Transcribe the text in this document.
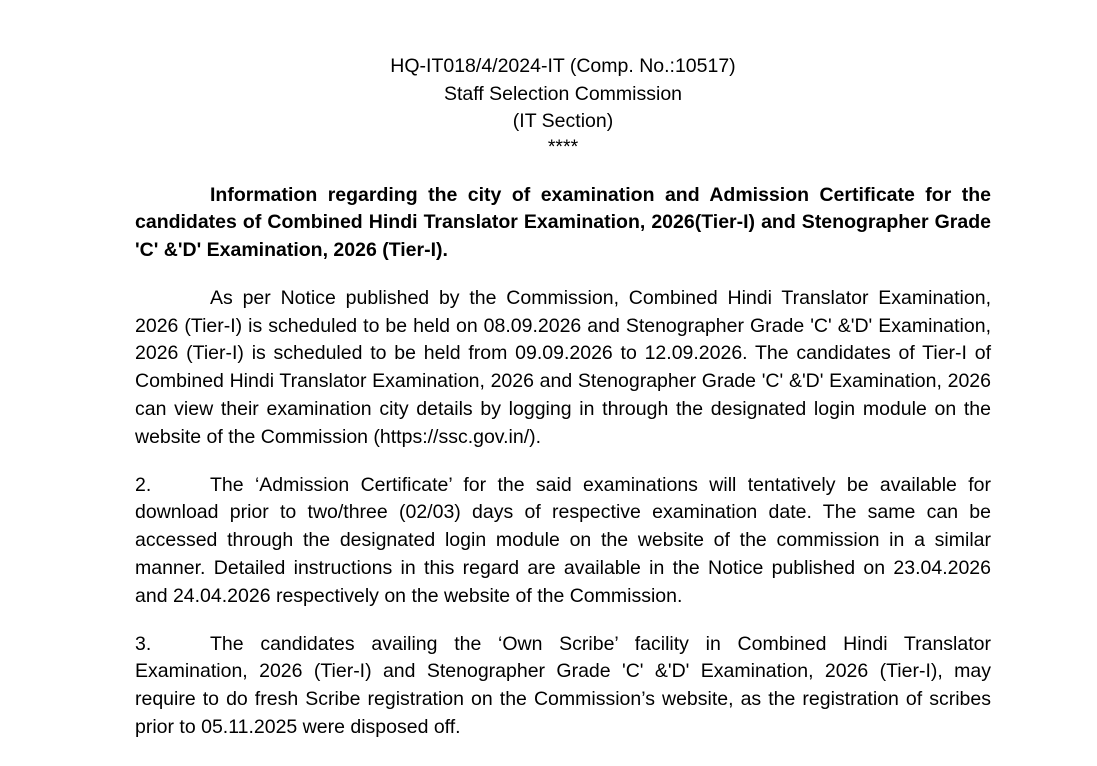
HQ-IT018/4/2024-IT (Comp. No.:10517)
Staff Selection Commission
(IT Section)
****

Information regarding the city of examination and Admission Certificate for the candidates of Combined Hindi Translator Examination, 2026(Tier-I) and Stenographer Grade 'C' &'D' Examination, 2026 (Tier-I).

As per Notice published by the Commission, Combined Hindi Translator Examination, 2026 (Tier-I) is scheduled to be held on 08.09.2026 and Stenographer Grade 'C' &'D' Examination, 2026 (Tier-I) is scheduled to be held from 09.09.2026 to 12.09.2026. The candidates of Tier-I of Combined Hindi Translator Examination, 2026 and Stenographer Grade 'C' &'D' Examination, 2026 can view their examination city details by logging in through the designated login module on the website of the Commission (https://ssc.gov.in/).

2.	The ‘Admission Certificate’ for the said examinations will tentatively be available for download prior to two/three (02/03) days of respective examination date. The same can be accessed through the designated login module on the website of the commission in a similar manner. Detailed instructions in this regard are available in the Notice published on 23.04.2026 and 24.04.2026 respectively on the website of the Commission.

3.	The candidates availing the ‘Own Scribe’ facility in Combined Hindi Translator Examination, 2026 (Tier-I) and Stenographer Grade 'C' &'D' Examination, 2026 (Tier-I), may require to do fresh Scribe registration on the Commission’s website, as the registration of scribes prior to 05.11.2025 were disposed off.
